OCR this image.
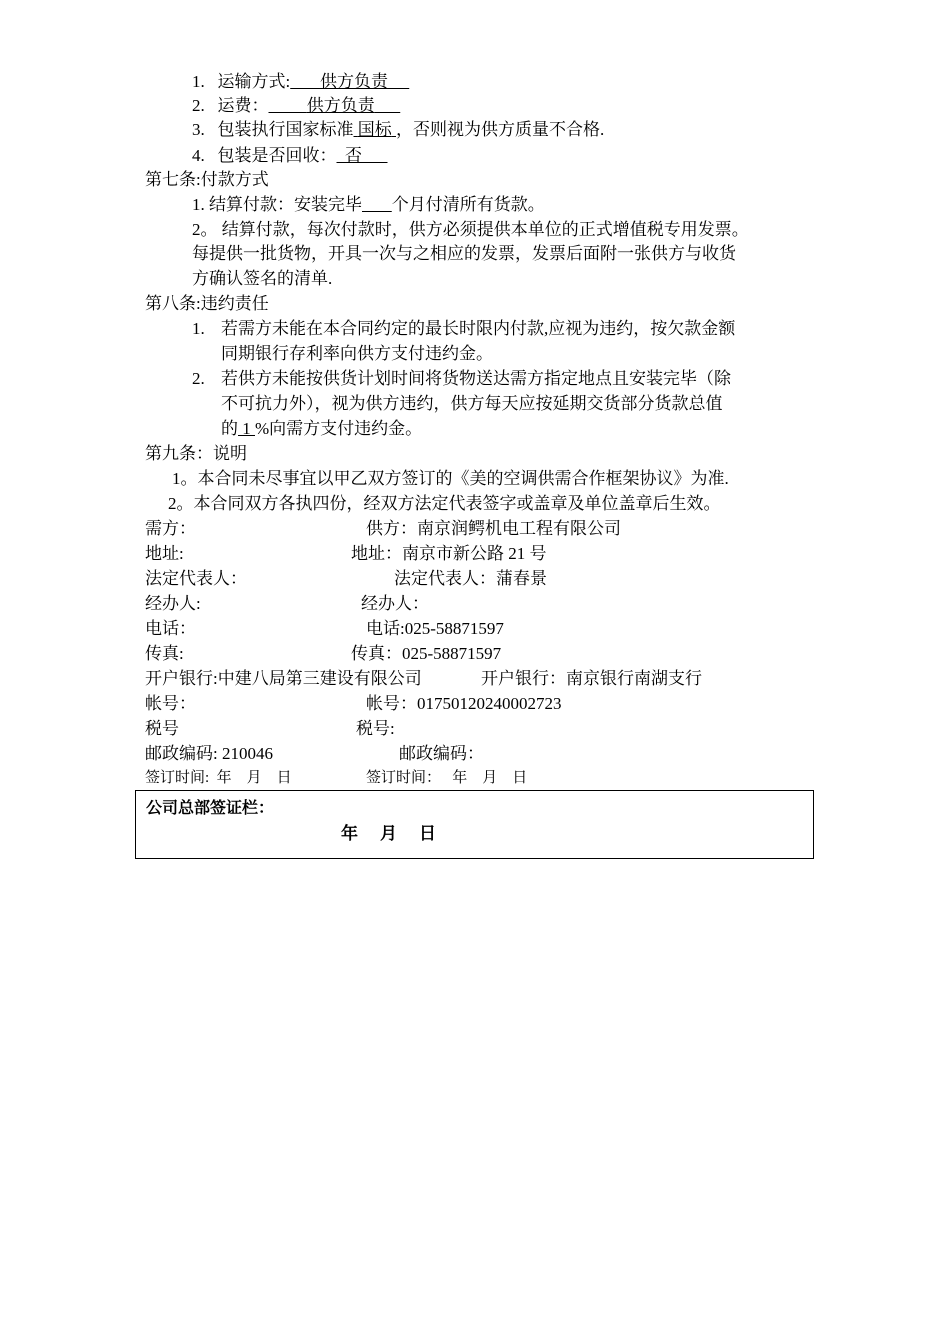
1. 运输方式: 供方负责
2. 运费： 供方负责
3. 包装执行国家标准 国标 ，否则视为供方质量不合格.
4. 包装是否回收： 否
第七条:付款方式
1. 结算付款：安装完毕 个月付清所有货款。
2。 结算付款，每次付款时，供方必须提供本单位的正式增值税专用发票。
每提供一批货物，开具一次与之相应的发票，发票后面附一张供方与收货
方确认签名的清单.
第八条:违约责任
1. 若需方未能在本合同约定的最长时限内付款,应视为违约，按欠款金额
同期银行存利率向供方支付违约金。
2. 若供方未能按供货计划时间将货物送达需方指定地点且安装完毕（除
不可抗力外），视为供方违约，供方每天应按延期交货部分货款总值
的 1 %向需方支付违约金。
第九条：说明
1。本合同未尽事宜以甲乙双方签订的《美的空调供需合作框架协议》为准.
2。本合同双方各执四份，经双方法定代表签字或盖章及单位盖章后生效。
需方：	供方：南京润鳄机电工程有限公司
地址:	地址：南京市新公路 21 号
法定代表人：	法定代表人：蒲春景
经办人:	经办人：
电话：	电话:025-58871597
传真:	传真：025-58871597
开户银行:中建八局第三建设有限公司	开户银行：南京银行南湖支行
帐号：	帐号：01750120240002723
税号	税号:
邮政编码: 210046	邮政编码：
签订时间:  年    月    日	签订时间：   年    月    日
公司总部签证栏：
年    月    日
